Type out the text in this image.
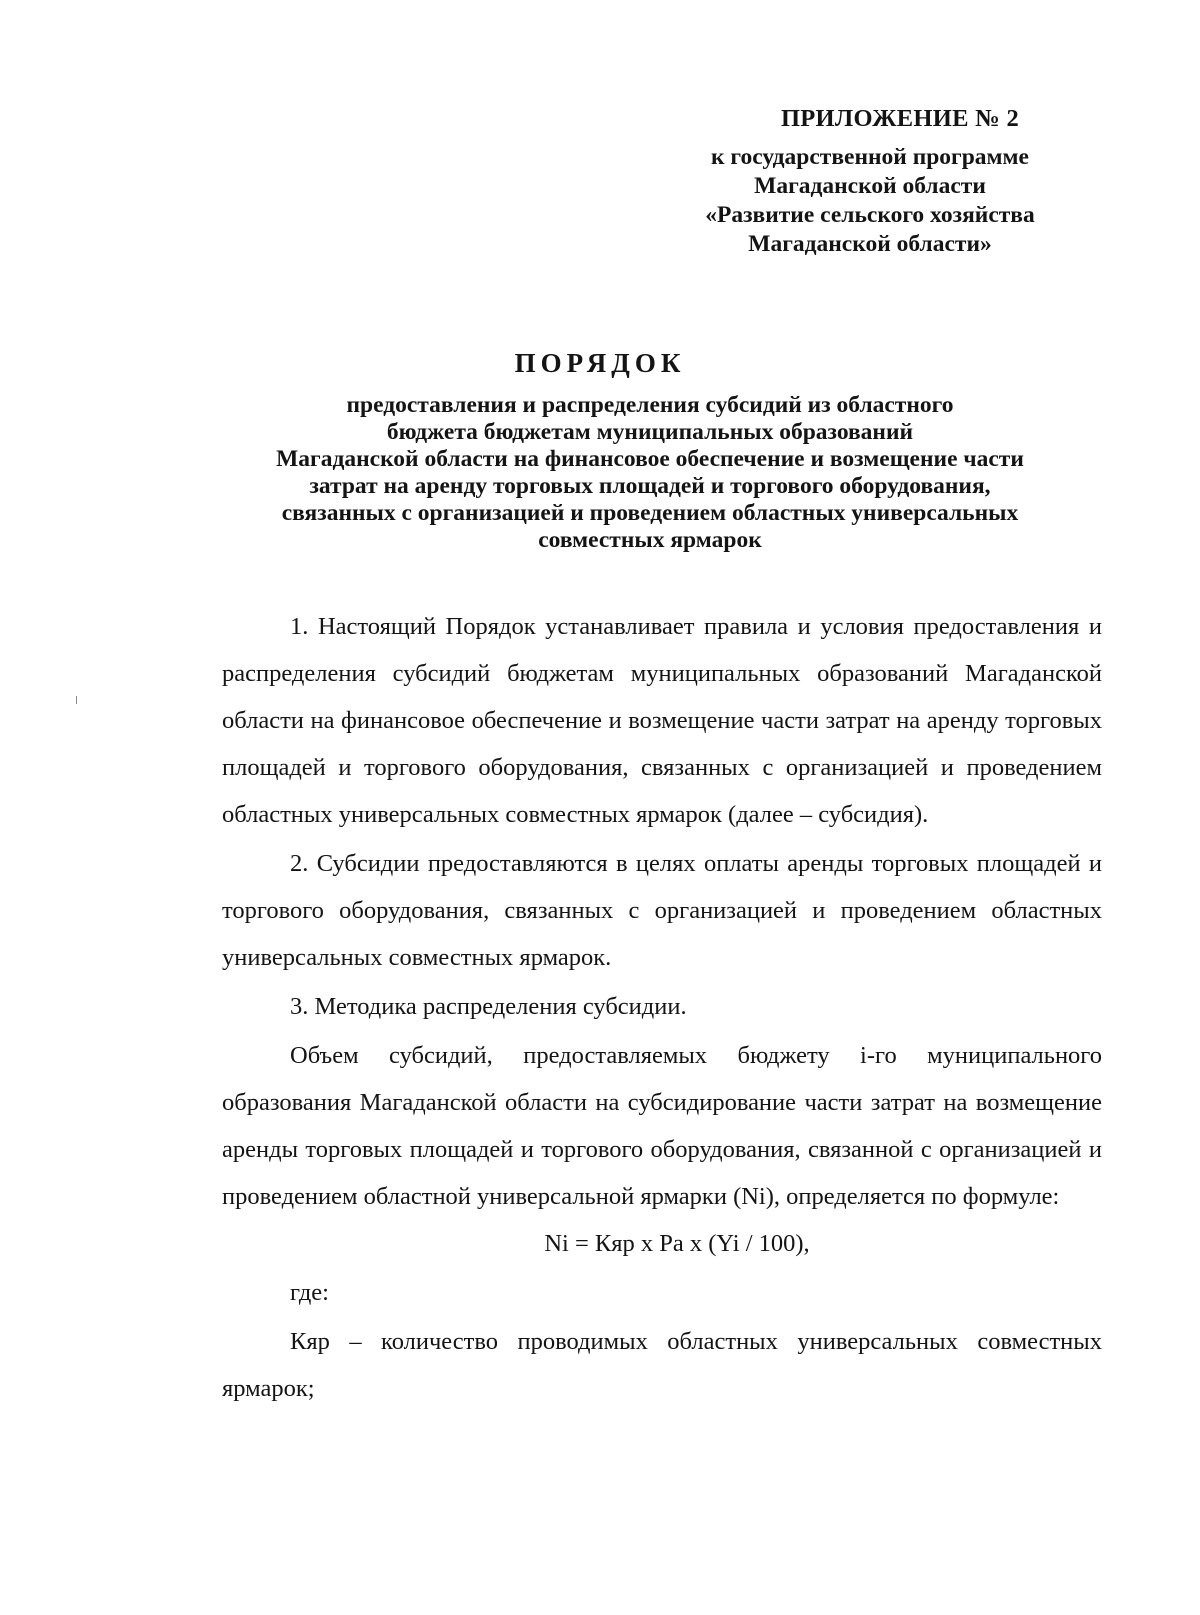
ПРИЛОЖЕНИЕ № 2
к государственной программе
Магаданской области
«Развитие сельского хозяйства
Магаданской области»
ПОРЯДОК
предоставления и распределения субсидий из областного
бюджета бюджетам муниципальных образований
Магаданской области на финансовое обеспечение и возмещение части
затрат на аренду торговых площадей и торгового оборудования,
связанных с организацией и проведением областных универсальных
совместных ярмарок

1. Настоящий Порядок устанавливает правила и условия предоставления и распределения субсидий бюджетам муниципальных образований Магаданской области на финансовое обеспечение и возмещение части затрат на аренду торговых площадей и торгового оборудования, связанных с организацией и проведением областных универсальных совместных ярмарок (далее – субсидия).

2. Субсидии предоставляются в целях оплаты аренды торговых площадей и торгового оборудования, связанных с организацией и проведением областных универсальных совместных ярмарок.

3. Методика распределения субсидии.

Объем субсидий, предоставляемых бюджету i-го муниципального образования Магаданской области на субсидирование части затрат на возмещение аренды торговых площадей и торгового оборудования, связанной с организацией и проведением областной универсальной ярмарки (Ni), определяется по формуле:

Ni = Кяр х Ра х (Yi / 100),

где:

Кяр – количество проводимых областных универсальных совместных ярмарок;
